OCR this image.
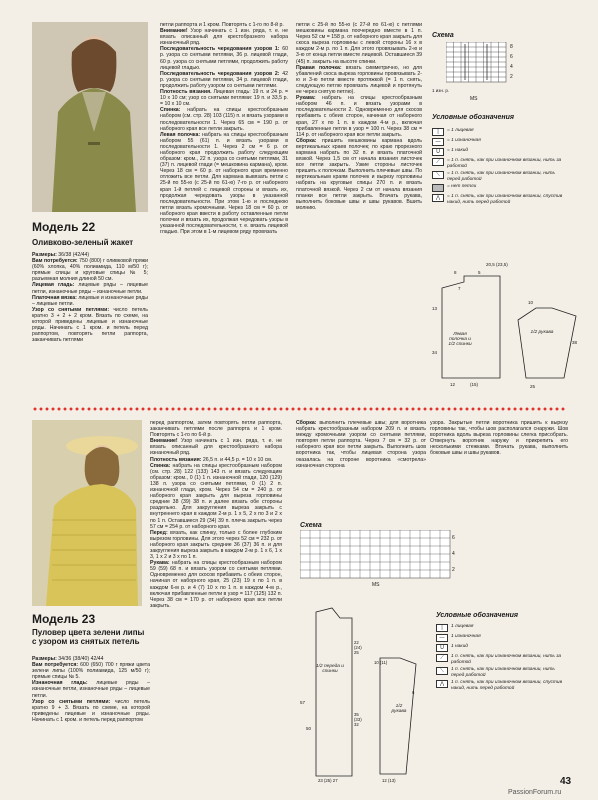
Модель 22
Оливково-зеленый жакет
Размеры: 36/38 (42/44)
Вам потребуется: 750 (800) г оливковой пряжи (60% хлопка, 40% полиамида, 110 м/50 г); прямые спицы и круговые спицы № 5; разъемная молния длиной 50 см.
Лицевая гладь: лицевые ряды – лицевые петли, изнаночные ряды – изнаночные петли.
Платочная вязка: лицевые и изнаночные ряды – лицевые петли.
Узор со снятыми петлями: число петель кратно 3 + 2 + 2 кром. Вязать по схеме, на которой приведены лицевые и изнаночные ряды. Начинать с 1 кром. и петель перед раппортом, повторять петли раппорта, заканчивать петлями
петли раппорта и 1 кром. Повторять с 1-го по 8-й р.
Внимание! Узор начинать с 1 изн. ряда, т. е. не вязать описанный для крестобразного набора изнаночный ряд.
Последовательность чередования узоров 1: 60 р. узора со снятыми петлями, 36 р. лицевой глади, 60 р. узора со снятыми петлями, продолжить работу лицевой гладью.
Последовательность чередования узоров 2: 42 р. узора со снятыми петлями, 34 р. лицевой глади, продолжить работу узором со снятыми петлями.
Плотность вязания. Лицевая гладь: 19 п. и 24 р. = 10 х 10 см; узор со снятыми петлями: 19 п. и 33,5 р. = 10 х 10 см.
Спинка: набрать на спицы крестообразным набором (см. стр. 28) 103 (115) п. и вязать узорами в последовательности 1. Через 65 см = 190 р. от наборного края все петли закрыть.
Левая полочка: набрать на спицы крестообразным набором 55 (61) п. и вязать узорами в последовательности 1. Через 2 см = 6 р. от наборного края продолжить работу следующим образом: кром., 22 п. узора со снятыми петлями, 31 (37) п. лицевой глади (= мешковина кармана), кром. Через 18 см = 60 р. от наборного края временно отложить все петли. Для кармана вывязать петли с 25-й по 55-ю (с 25-й по 61-ю) 7-го р. от наборного края 1-й петлей с лицевой стороны и вязать их, продолжая чередовать узоры в указанной последовательности. При этом 1-ю и последнюю петли вязать кромочными. Через 18 см = 60 р. от наборного края ввести в работу оставленные петли полочки и вязать их, продолжая чередовать узоры в указанной последовательности, т. е. вязать лицевой гладью. При этом в 1-м лицевом ряду провязать
петли с 25-й по 55-ю (с 27-й по 61-ю) с петлями мешковины кармана поочередно вместе в 1 п. Через 52 см = 158 р. от наборного края закрыть для скоса выреза горловины с левой стороны 16 х в каждом 2-м р. по 1 п. Для этого провязывать 2-ю и 3-ю от конца петли вместе лицевой. Оставшиеся 39 (45) п. закрыть на высоте спинки.
Правая полочка: вязать симметрично, но для убавлений скоса выреза горловины провязывать 2-ю и 3-ю петли вместе протяжкой (= 1 п. снять, следующую петлю провязать лицевой и протянуть ее через снятую петлю).
Рукава: набрать на спицы крестообразным набором 46 п. и вязать узорами в последовательности 2. Одновременно для скосов прибавить с обеих сторон, начиная от наборного края, 27 х по 1 п. в каждом 4-м р., включая прибавленные петли в узор = 100 п. Через 38 см = 114 р. от наборного края все петли закрыть.
Сборка: пришить мешковины кармана вдоль вертикальных краев полочек; по краю прорезного кармана набрать по 32 п. и вязать платочной вязкой. Через 1,5 см от начала вязания листочек все петли закрыть. Узкие стороны листочек пришить к полочкам. Выполнить плечевые швы. По вертикальным краям полочек и вырезу горловины набрать на круговые спицы 270 п. и вязать платочной вязкой. Через 2 см от начала вязания планки все петли закрыть. Втачать рукава, выполнить боковые швы и швы рукавов. Вшить молнию.
Схема
8
6
4
2
1 изн. р.
MS
Условные обозначения
|	= 1 лицевая
—	= 1 изнаночная
U	= 1 накид
⟋	= 1 п. снять, как при изнаночном вязании, нить за работой
⟍	= 1 п. снять, как при изнаночном вязании, нить перед работой
= нет петли
⋀	= 1 п. снять, как при изнаночном вязании, спустив накид, нить перед работой
20,5 (23,5)
8	5
7
13
34
Левая полочка и 1/2 спинки
1/2 рукава
38
10
12	(15)	25
Модель 23
Пуловер цвета зелени липы с узором из снятых петель
Размеры: 34/36 (38/40) 42/44
Вам потребуется: 600 (650) 700 г пряжи цвета зелени липы (100% полиамида, 125 м/50 г); прямые спицы № 5.
Изнаночная гладь: лицевые ряды – изнаночные петли, изнаночные ряды – лицевые петли.
Узор со снятыми петлями: число петель кратно 9 + 3. Вязать по схеме, на которой приведены лицевые и изнаночные ряды. Начинать с 1 кром. и петель перед раппортом
перед раппортом, затем повторять петли раппорта, заканчивать петлями после раппорта и 1 кром. Повторять с 1-го по 6-й р.
Внимание! Узор начинать с 1 изн. ряда, т. е. не вязать описанный для крестообразного набора изнаночный ряд.
Плотность вязания: 26,5 п. и 44,5 р. = 10 х 10 см.
Спинка: набрать на спицы крестообразным набором (см. стр. 28) 122 (133) 143 п. и вязать следующим образом: кром., 0 (1) 1 п. изнаночной глади, 120 (129) 138 п. узора со снятыми петлями, 0 (1) 2 п. изнаночной глади, кром. Через 54 см = 240 р. от наборного края закрыть для выреза горловины средние 38 (39) 38 п. и далее вязать обе стороны раздельно. Для закругления выреза закрыть с внутреннего края в каждом 2-м р. 1 х 5, 2 х по 3 и 2 х по 1 п. Оставшиеся 29 (34) 39 п. плеча закрыть через 57 см = 254 р. от наборного края.
Перед: вязать, как спинку, только с более глубоким вырезом горловины. Для этого через 52 см = 232 р. от наборного края закрыть средние 36 (37) 36 п. и для закругления выреза закрыть в каждом 2-м р. 1 х 6, 1 х 3, 1 х 2 и 3 х по 1 п.
Рукава: набрать на спицы крестообразным набором 59 (59) 68 п. и вязать узором со снятыми петлями. Одновременно для скосов прибавить с обеих сторон, начиная от наборного края, 25 (23) 19 х по 1 п. в каждом 6-м р. и 4 (7) 10 х по 1 п. в каждом 4-м р., включая прибавленные петли в узор = 117 (125) 132 п. Через 38 см = 170 р. от наборного края все петли закрыть.
Сборка: выполнить плечевые швы; для воротника набрать крестообразным набором 209 п. и вязать между кромочными узором со снятыми петлями, повторяя петли раппорта. Через 7 см = 32 р. от наборного края все петли закрыть. Выполнить шов воротника так, чтобы лицевая сторона узора оказалась на стороне воротника «смотрела» изнаночная сторона
узора. Закрытые петли воротника пришить к вырезу горловины так, чтобы шов располагался снаружи. Шов воротника вдоль выреза горловины слегка присобрать. Отвернуть воротник наружу и прикрепить его несколькими стежками. Втачать рукава, выполнить боковые швы и швы рукавов.
Схема
6
4
2
MS
1/2 переда и спинки
1/2 рукава
57
50
22 (24) 25
35 (33) 32
10 (11)
23 (25) 27	12 (13)
6
Условные обозначения
|	1 лицевая
—	1 изнаночная
U	1 накид
⟋	1 п. снять, как при изнаночном вязании, нить за работой
⟍	1 п. снять, как при изнаночном вязании, нить перед работой
⋀	1 п. снять, как при изнаночном вязании, спустив накид, нить перед работой
43
PassionForum.ru
